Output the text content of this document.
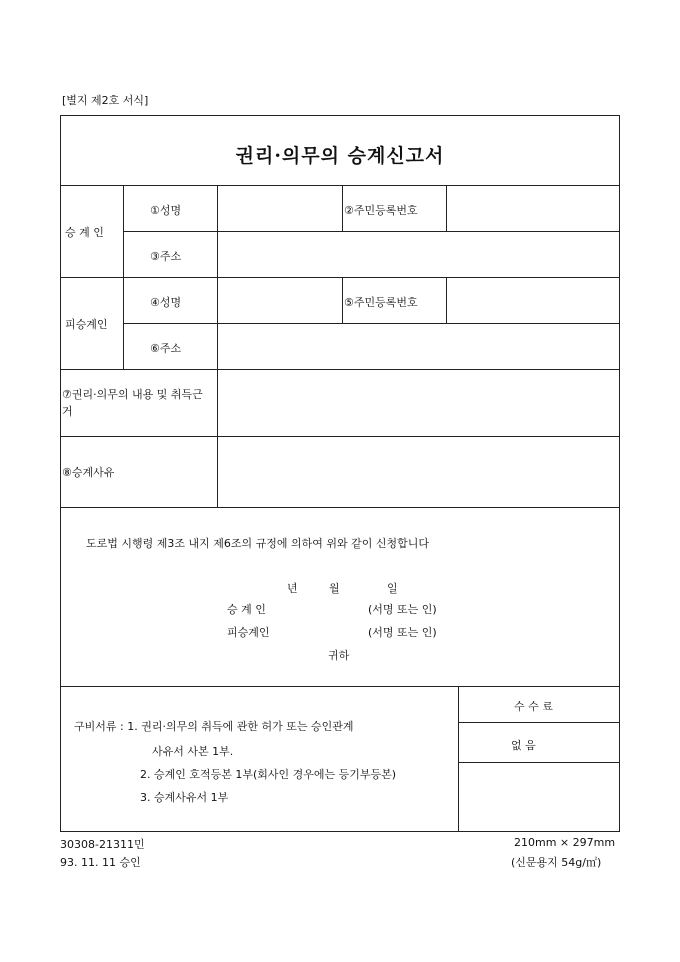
[별지 제2호 서식]
권리·의무의 승계신고서
승 계 인
①성명	②주민등록번호
③주소
피승계인
④성명	⑤주민등록번호
⑥주소
⑦권리·의무의 내용 및 취득근거
⑧승계사유
도로법 시행령 제3조 내지 제6조의 규정에 의하여 위와 같이 신청합니다
년	월	일
승 계 인	(서명 또는 인)
피승계인	(서명 또는 인)
귀하
구비서류 : 1. 권리·의무의 취득에 관한 허가 또는 승인관계
사유서 사본 1부.
2. 승계인 호적등본 1부(회사인 경우에는 등기부등본)
3. 승계사유서 1부
수 수 료
없 음
30308-21311민
93. 11. 11 승인
210mm × 297mm
(신문용지 54g/㎡)
